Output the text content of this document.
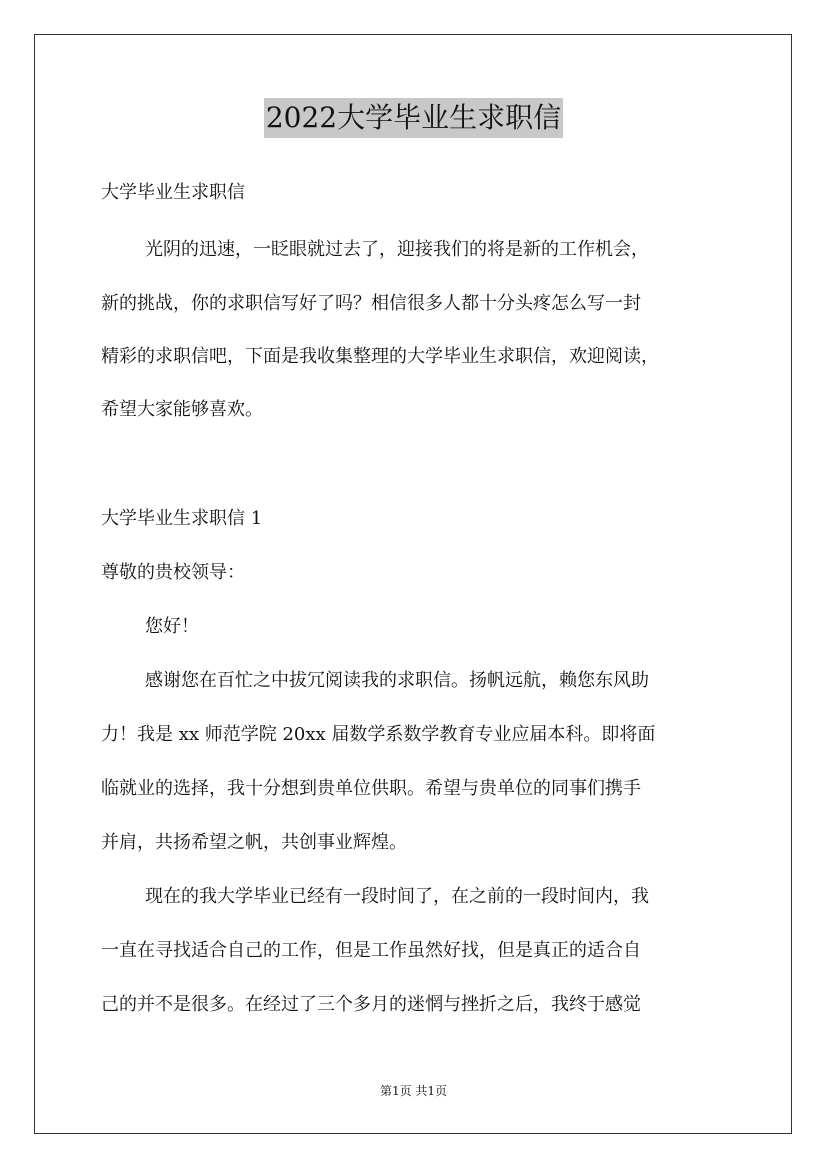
2022大学毕业生求职信
大学毕业生求职信
光阴的迅速，一眨眼就过去了，迎接我们的将是新的工作机会，
新的挑战，你的求职信写好了吗？相信很多人都十分头疼怎么写一封
精彩的求职信吧，下面是我收集整理的大学毕业生求职信，欢迎阅读，
希望大家能够喜欢。
大学毕业生求职信 1
尊敬的贵校领导：
您好！
感谢您在百忙之中拔冗阅读我的求职信。扬帆远航，赖您东风助
力！我是 xx 师范学院 20xx 届数学系数学教育专业应届本科。即将面
临就业的选择，我十分想到贵单位供职。希望与贵单位的同事们携手
并肩，共扬希望之帆，共创事业辉煌。
现在的我大学毕业已经有一段时间了，在之前的一段时间内，我
一直在寻找适合自己的工作，但是工作虽然好找，但是真正的适合自
己的并不是很多。在经过了三个多月的迷惘与挫折之后，我终于感觉
第1页 共1页
